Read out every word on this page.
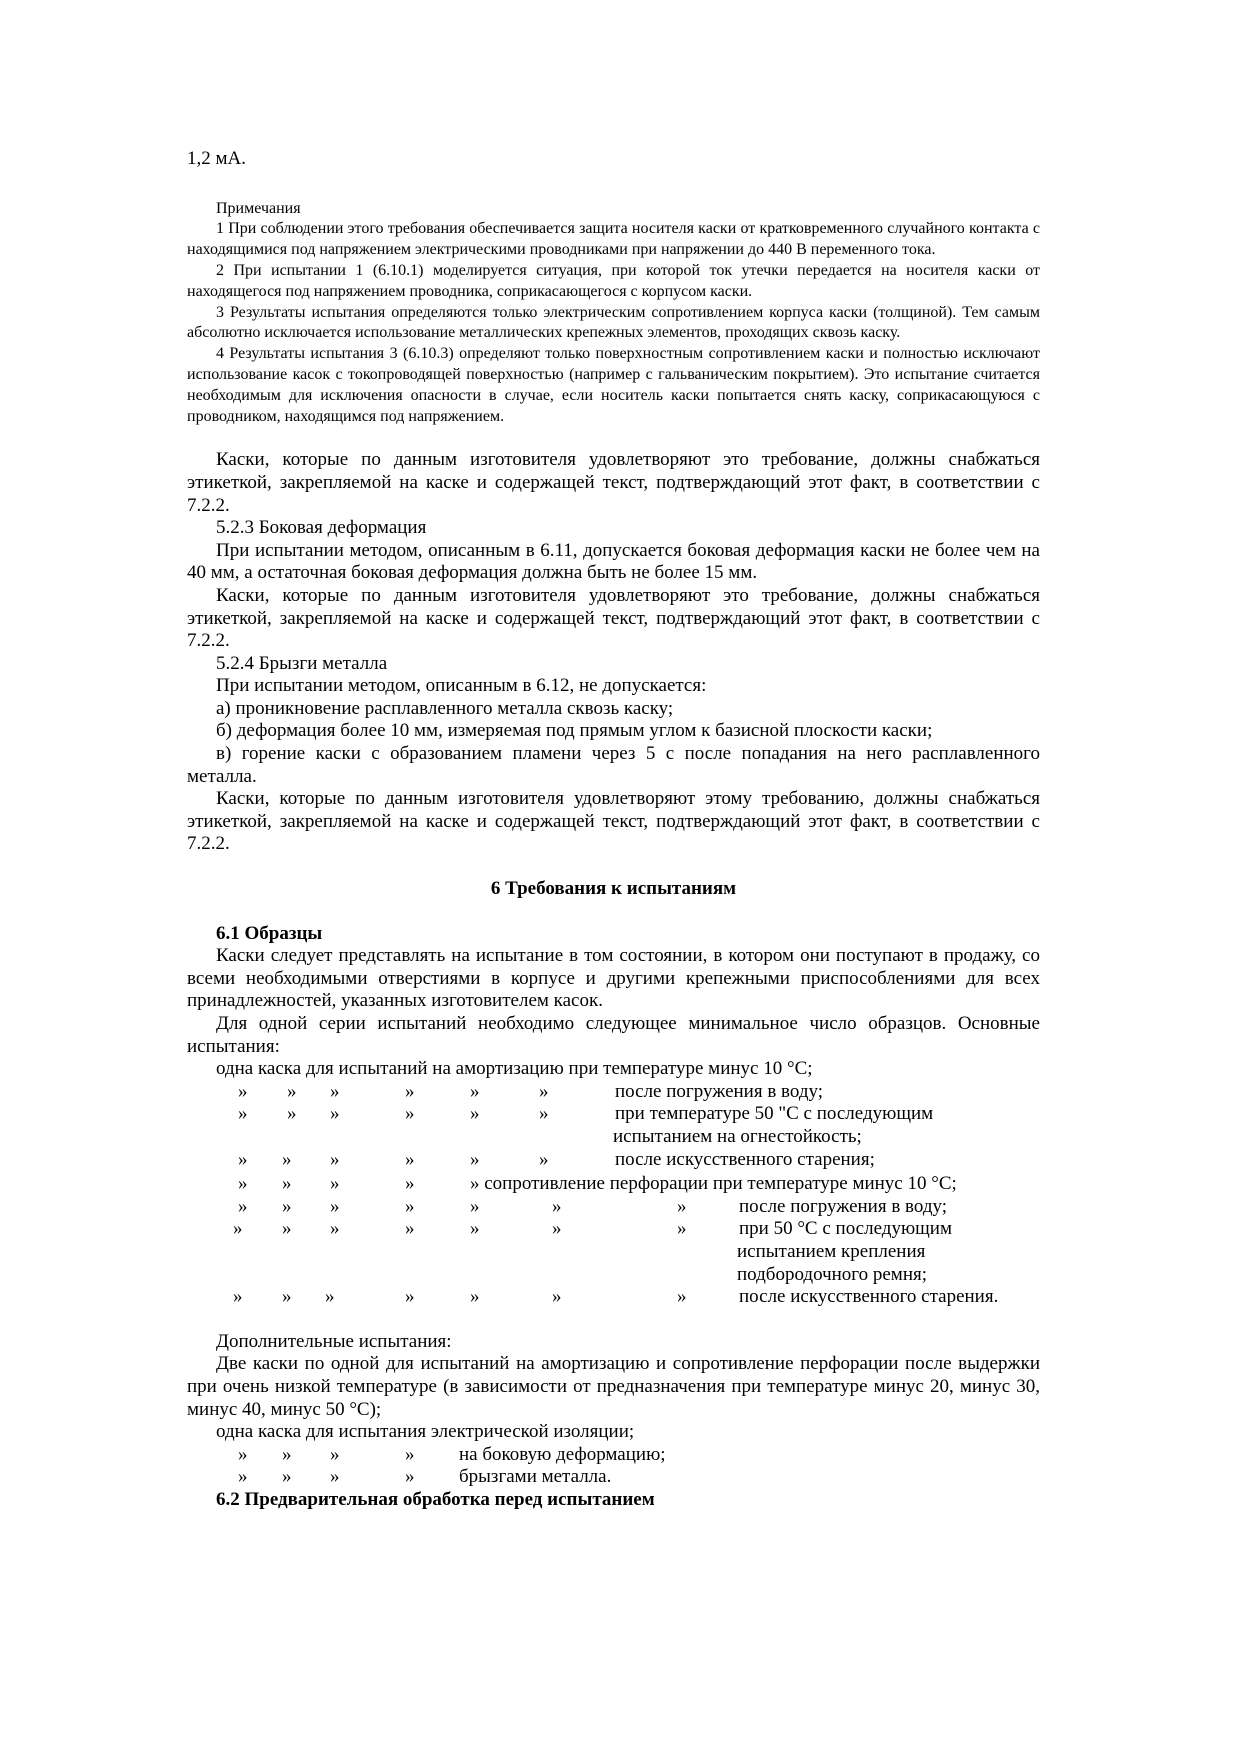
1,2 мА.

Примечания

1 При соблюдении этого требования обеспечивается защита носителя каски от кратковременного случайного контакта с находящимися под напряжением электрическими проводниками при напряжении до 440 В переменного тока.

2 При испытании 1 (6.10.1) моделируется ситуация, при которой ток утечки передается на носителя каски от находящегося под напряжением проводника, соприкасающегося с корпусом каски.

3 Результаты испытания определяются только электрическим сопротивлением корпуса каски (толщиной). Тем самым абсолютно исключается использование металлических крепежных элементов, проходящих сквозь каску.

4 Результаты испытания 3 (6.10.3) определяют только поверхностным сопротивлением каски и полностью исключают использование касок с токопроводящей поверхностью (например с гальваническим покрытием). Это испытание считается необходимым для исключения опасности в случае, если носитель каски попытается снять каску, соприкасающуюся с проводником, находящимся под напряжением.

Каски, которые по данным изготовителя удовлетворяют это требование, должны снабжаться этикеткой, закрепляемой на каске и содержащей текст, подтверждающий этот факт, в соответствии с 7.2.2.

5.2.3 Боковая деформация

При испытании методом, описанным в 6.11, допускается боковая деформация каски не более чем на 40 мм, а остаточная боковая деформация должна быть не более 15 мм.

Каски, которые по данным изготовителя удовлетворяют это требование, должны снабжаться этикеткой, закрепляемой на каске и содержащей текст, подтверждающий этот факт, в соответствии с 7.2.2.

5.2.4 Брызги металла

При испытании методом, описанным в 6.12, не допускается:

а) проникновение расплавленного металла сквозь каску;

б) деформация более 10 мм, измеряемая под прямым углом к базисной плоскости каски;

в) горение каски с образованием пламени через 5 с после попадания на него расплавленного металла.

Каски, которые по данным изготовителя удовлетворяют этому требованию, должны снабжаться этикеткой, закрепляемой на каске и содержащей текст, подтверждающий этот факт, в соответствии с 7.2.2.

6 Требования к испытаниям

6.1 Образцы

Каски следует представлять на испытание в том состоянии, в котором они поступают в продажу, со всеми необходимыми отверстиями в корпусе и другими крепежными приспособлениями для всех принадлежностей, указанных изготовителем касок.

Для одной серии испытаний необходимо следующее минимальное число образцов. Основные испытания:

одна каска для испытаний на амортизацию при температуре минус 10 °С;

» » »	»	»	»	после погружения в воду;
» » »	»	»	»	при температуре 50 "С с последующим
испытанием на огнестойкость;
» » »	»	»	»	после искусственного старения;
» » »	»	» сопротивление перфорации при температуре минус 10 °С;
» » »	»	»	»	»	после погружения в воду;
» » »	»	»	»	»	при 50 °С с последующим
испытанием крепления
подбородочного ремня;
» » »	»	»	»	»	после искусственного старения.

Дополнительные испытания:

Две каски по одной для испытаний на амортизацию и сопротивление перфорации после выдержки при очень низкой температуре (в зависимости от предназначения при температуре минус 20, минус 30, минус 40, минус 50 °С);

одна каска для испытания электрической изоляции;

» » »	» на боковую деформацию;
» » »	» брызгами металла.

6.2 Предварительная обработка перед испытанием
